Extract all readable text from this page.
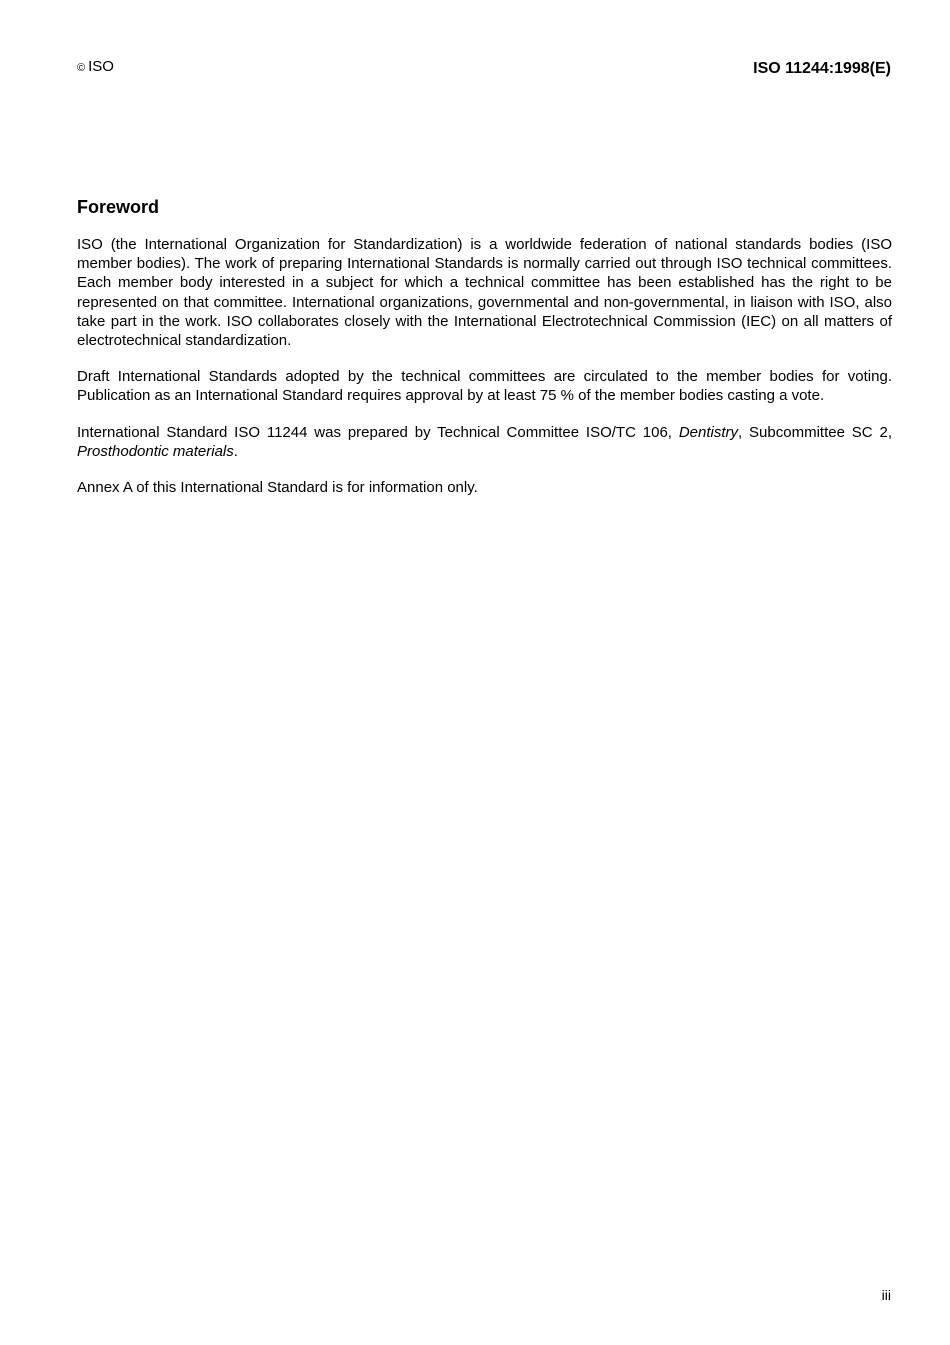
© ISO	ISO 11244:1998(E)
Foreword

ISO (the International Organization for Standardization) is a worldwide federation of national standards bodies (ISO member bodies). The work of preparing International Standards is normally carried out through ISO technical committees. Each member body interested in a subject for which a technical committee has been established has the right to be represented on that committee. International organizations, governmental and non-governmental, in liaison with ISO, also take part in the work. ISO collaborates closely with the International Electrotechnical Commission (IEC) on all matters of electrotechnical standardization.

Draft International Standards adopted by the technical committees are circulated to the member bodies for voting. Publication as an International Standard requires approval by at least 75 % of the member bodies casting a vote.

International Standard ISO 11244 was prepared by Technical Committee ISO/TC 106, Dentistry, Subcommittee SC 2, Prosthodontic materials.

Annex A of this International Standard is for information only.

iii
